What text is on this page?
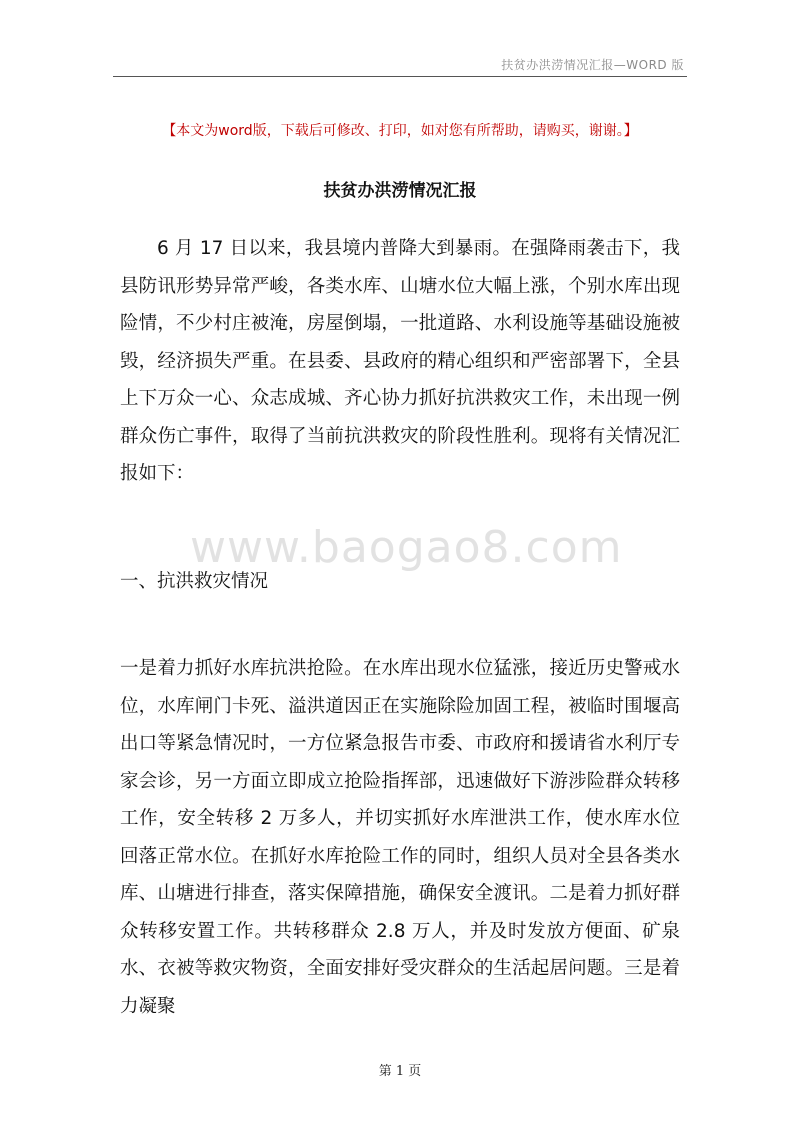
扶贫办洪涝情况汇报—WORD 版
【本文为word版，下载后可修改、打印，如对您有所帮助，请购买，谢谢。】
扶贫办洪涝情况汇报
6 月 17 日以来，我县境内普降大到暴雨。在强降雨袭击下，我县防讯形势异常严峻，各类水库、山塘水位大幅上涨，个别水库出现险情，不少村庄被淹，房屋倒塌，一批道路、水利设施等基础设施被毁，经济损失严重。在县委、县政府的精心组织和严密部署下，全县上下万众一心、众志成城、齐心协力抓好抗洪救灾工作，未出现一例群众伤亡事件，取得了当前抗洪救灾的阶段性胜利。现将有关情况汇报如下：
www.baogao8.com
一、抗洪救灾情况
一是着力抓好水库抗洪抢险。在水库出现水位猛涨，接近历史警戒水位，水库闸门卡死、溢洪道因正在实施除险加固工程，被临时围堰高出口等紧急情况时，一方位紧急报告市委、市政府和援请省水利厅专家会诊，另一方面立即成立抢险指挥部，迅速做好下游涉险群众转移工作，安全转移 2 万多人，并切实抓好水库泄洪工作，使水库水位回落正常水位。在抓好水库抢险工作的同时，组织人员对全县各类水库、山塘进行排查，落实保障措施，确保安全渡讯。二是着力抓好群众转移安置工作。共转移群众 2.8 万人，并及时发放方便面、矿泉水、衣被等救灾物资，全面安排好受灾群众的生活起居问题。三是着力凝聚
第 1 页
